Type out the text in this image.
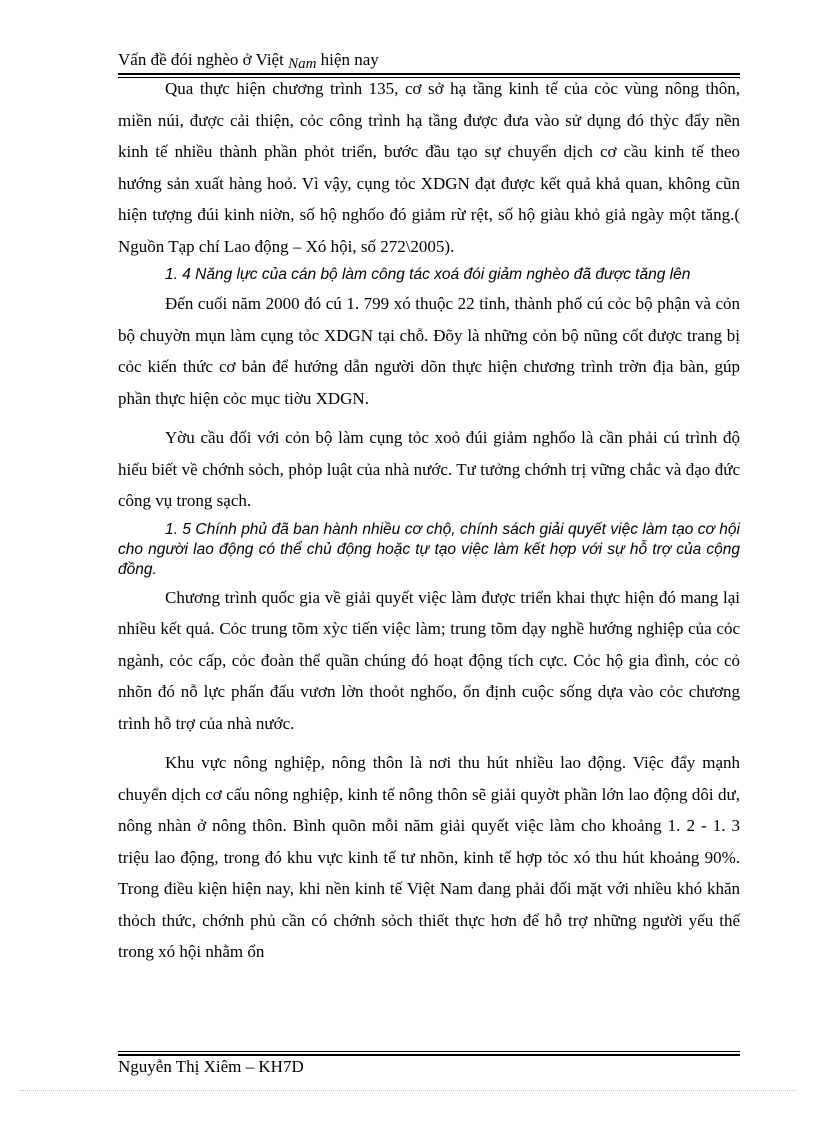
Vấn đề đói nghèo ở Việt Nam hiện nay

Qua thực hiện chương trình 135, cơ sở hạ tầng kinh tế của cỏc vùng nông thôn, miền núi, được cải thiện, cỏc công trình hạ tầng được đưa vào sử dụng đó thỳc đẩy nền kinh tế nhiều thành phần phỏt triển, bước đầu tạo sự chuyển dịch cơ cầu kinh tế theo hướng sản xuất hàng hoỏ. Vì vậy, cụng tỏc XDGN đạt được kết quả khả quan, không cũn hiện tượng đúi kinh niờn, số hộ nghốo đó giảm rừ rệt, số hộ giàu khỏ giả ngày một tăng.( Nguồn Tạp chí Lao động – Xó hội, số 272\2005).

1. 4 Năng lực của cán bộ làm công tác xoá đói giảm nghèo đã được tăng lên

Đến cuối năm 2000 đó cú 1. 799 xó thuộc 22 tỉnh, thành phố cú cỏc bộ phận và cỏn bộ chuyờn mụn làm cụng tỏc XDGN tại chỗ. Đõy là những cỏn bộ nũng cốt được trang bị cỏc kiến thức cơ bản để hướng dẫn người dõn thực hiện chương trình trờn địa bàn, gúp phần thực hiện cỏc mục tiờu XDGN.

Yờu cầu đối với cỏn bộ làm cụng tỏc xoỏ đúi giảm nghốo là cần phải cú trình độ hiểu biết về chớnh sỏch, phỏp luật của nhà nước. Tư tưởng chớnh trị vững chắc và đạo đức công vụ trong sạch.

1. 5 Chính phủ đã ban hành nhiều cơ chộ, chính sách giải quyết việc làm tạo cơ hội cho người lao động có thể chủ động hoặc tự tạo việc làm kết hợp với sự hỗ trợ của cộng đồng.

Chương trình quốc gia về giải quyết việc làm được triển khai thực hiện đó mang lại nhiều kết quả. Cỏc trung tõm xỳc tiến việc làm; trung tõm dạy nghề hướng nghiệp của cỏc ngành, cỏc cấp, cỏc đoàn thể quần chúng đó hoạt động tích cực. Cỏc hộ gia đình, cỏc cỏ nhõn đó nỗ lực phấn đấu vươn lờn thoỏt nghốo, ổn định cuộc sống dựa vào cỏc chương trình hỗ trợ của nhà nước.

Khu vực nông nghiệp, nông thôn là nơi thu hút nhiều lao động. Việc đẩy mạnh chuyển dịch cơ cấu nông nghiệp, kinh tế nông thôn sẽ giải quyờt phần lớn lao động dôi dư, nông nhàn ở nông thôn. Bình quõn mỗi năm giải quyết việc làm cho khoảng 1. 2 - 1. 3 triệu lao động, trong đó khu vực kinh tế tư nhõn, kinh tế hợp tỏc xó thu hút khoảng 90%. Trong điều kiện hiện nay, khi nền kinh tế Việt Nam đang phải đối mặt với nhiều khó khăn thỏch thức, chớnh phủ cần có chớnh sỏch thiết thực hơn để hỗ trợ những người yếu thế trong xó hội nhằm ổn

Nguyễn Thị Xiêm – KH7D
